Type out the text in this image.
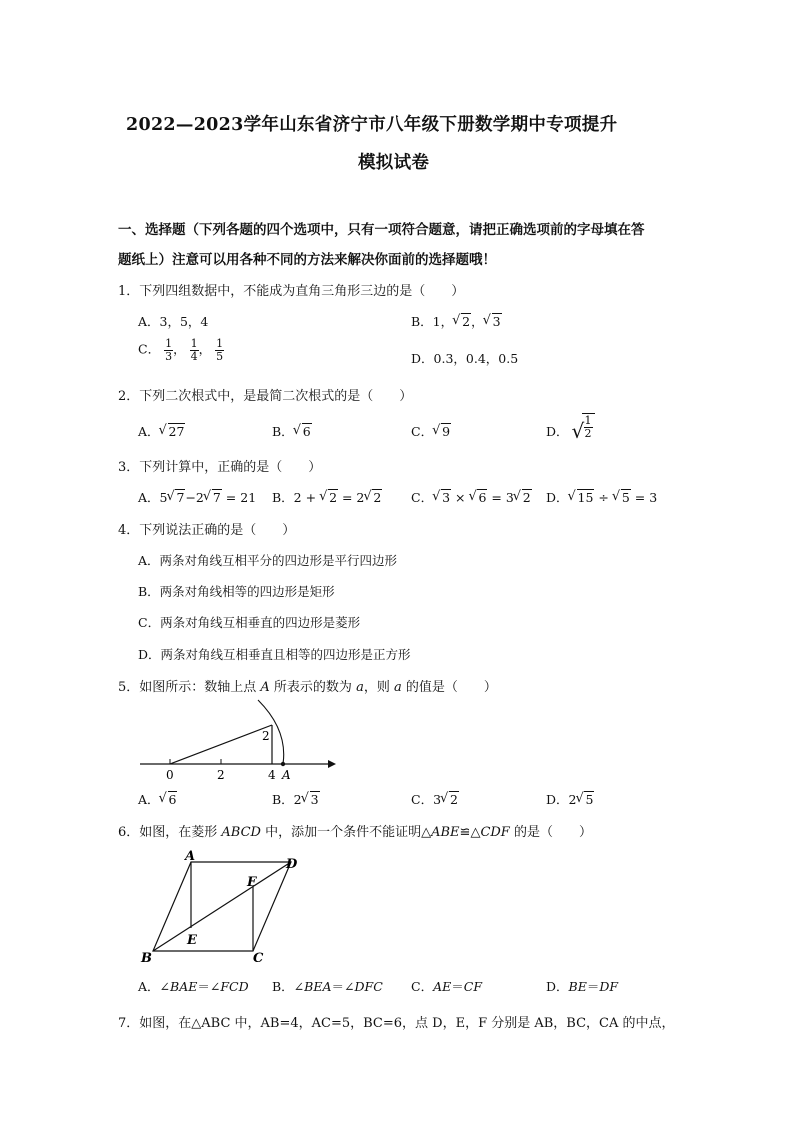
2022—2023学年山东省济宁市八年级下册数学期中专项提升
模拟试卷
一、选择题（下列各题的四个选项中，只有一项符合题意，请把正确选项前的字母填在答
题纸上）注意可以用各种不同的方法来解决你面前的选择题哦！
1．下列四组数据中，不能成为直角三角形三边的是（　　）
A．3，5，4	B．1， √ 2， √ 3
C． $\frac{1}{3}$ ， $\frac{1}{4}$ ， $\frac{1}{5}$	D．0.3，0.4，0.5
2．下列二次根式中，是最简二次根式的是（　　）
A． √ 27	B． √ 6	C． √ 9	D． √
$\frac{1}{2}$
3．下列计算中，正确的是（　　）
A．5 √ 7−2 √ 7 = 21 B．2 + √ 2 = 2 √ 2 C． √ 3 × √ 6 = 3 √ 2 D． √ 15 ÷ √ 5 = 3
4．下列说法正确的是（　　）
A．两条对角线互相平分的四边形是平行四边形
B．两条对角线相等的四边形是矩形
C．两条对角线互相垂直的四边形是菱形
D．两条对角线互相垂直且相等的四边形是正方形
5．如图所示：数轴上点 A 所表示的数为 a，则 a 的值是（　　）
0	2	4 A
2
A． √ 6	B．2 √ 3	C．3 √ 2	D．2 √ 5
6．如图，在菱形 ABCD 中，添加一个条件不能证明△ABE≌△CDF 的是（　　）
A
D
F
E
B	C
A．∠BAE＝∠FCD B．∠BEA＝∠DFC C．AE＝CF	D．BE＝DF
7．如图，在△ABC 中，AB=4，AC=5，BC=6，点 D，E，F 分别是 AB，BC，CA 的中点，
